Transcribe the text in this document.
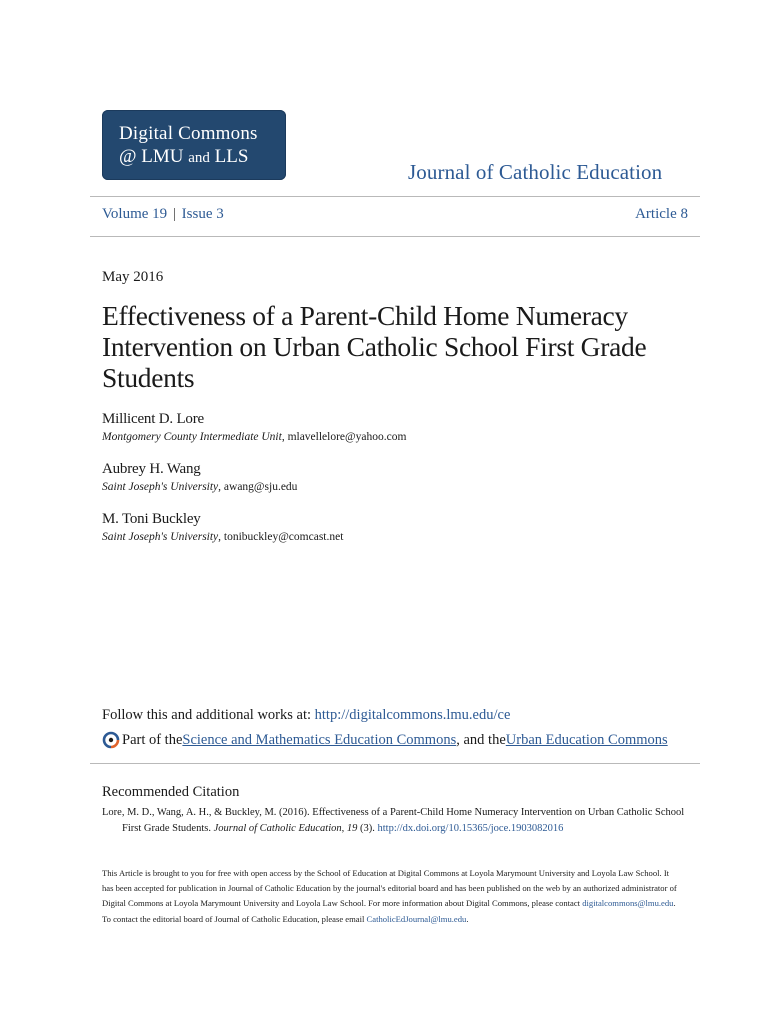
Digital Commons
@ LMU and LLS
Journal of Catholic Education
Volume 19 | Issue 3	Article 8
May 2016
Effectiveness of a Parent-Child Home Numeracy Intervention on Urban Catholic School First Grade Students
Millicent D. Lore
Montgomery County Intermediate Unit, mlavellelore@yahoo.com
Aubrey H. Wang
Saint Joseph's University, awang@sju.edu
M. Toni Buckley
Saint Joseph's University, tonibuckley@comcast.net
Follow this and additional works at: http://digitalcommons.lmu.edu/ce
Part of the Science and Mathematics Education Commons , and the Urban Education Commons
Recommended Citation
Lore, M. D., Wang, A. H., & Buckley, M. (2016). Effectiveness of a Parent-Child Home Numeracy Intervention on Urban Catholic School
First Grade Students. Journal of Catholic Education, 19 (3). http://dx.doi.org/10.15365/joce.1903082016
This Article is brought to you for free with open access by the School of Education at Digital Commons at Loyola Marymount University and Loyola Law School. It has been accepted for publication in Journal of Catholic Education by the journal's editorial board and has been published on the web by an authorized administrator of Digital Commons at Loyola Marymount University and Loyola Law School. For more information about Digital Commons, please contact digitalcommons@lmu.edu. To contact the editorial board of Journal of Catholic Education, please email CatholicEdJournal@lmu.edu.
